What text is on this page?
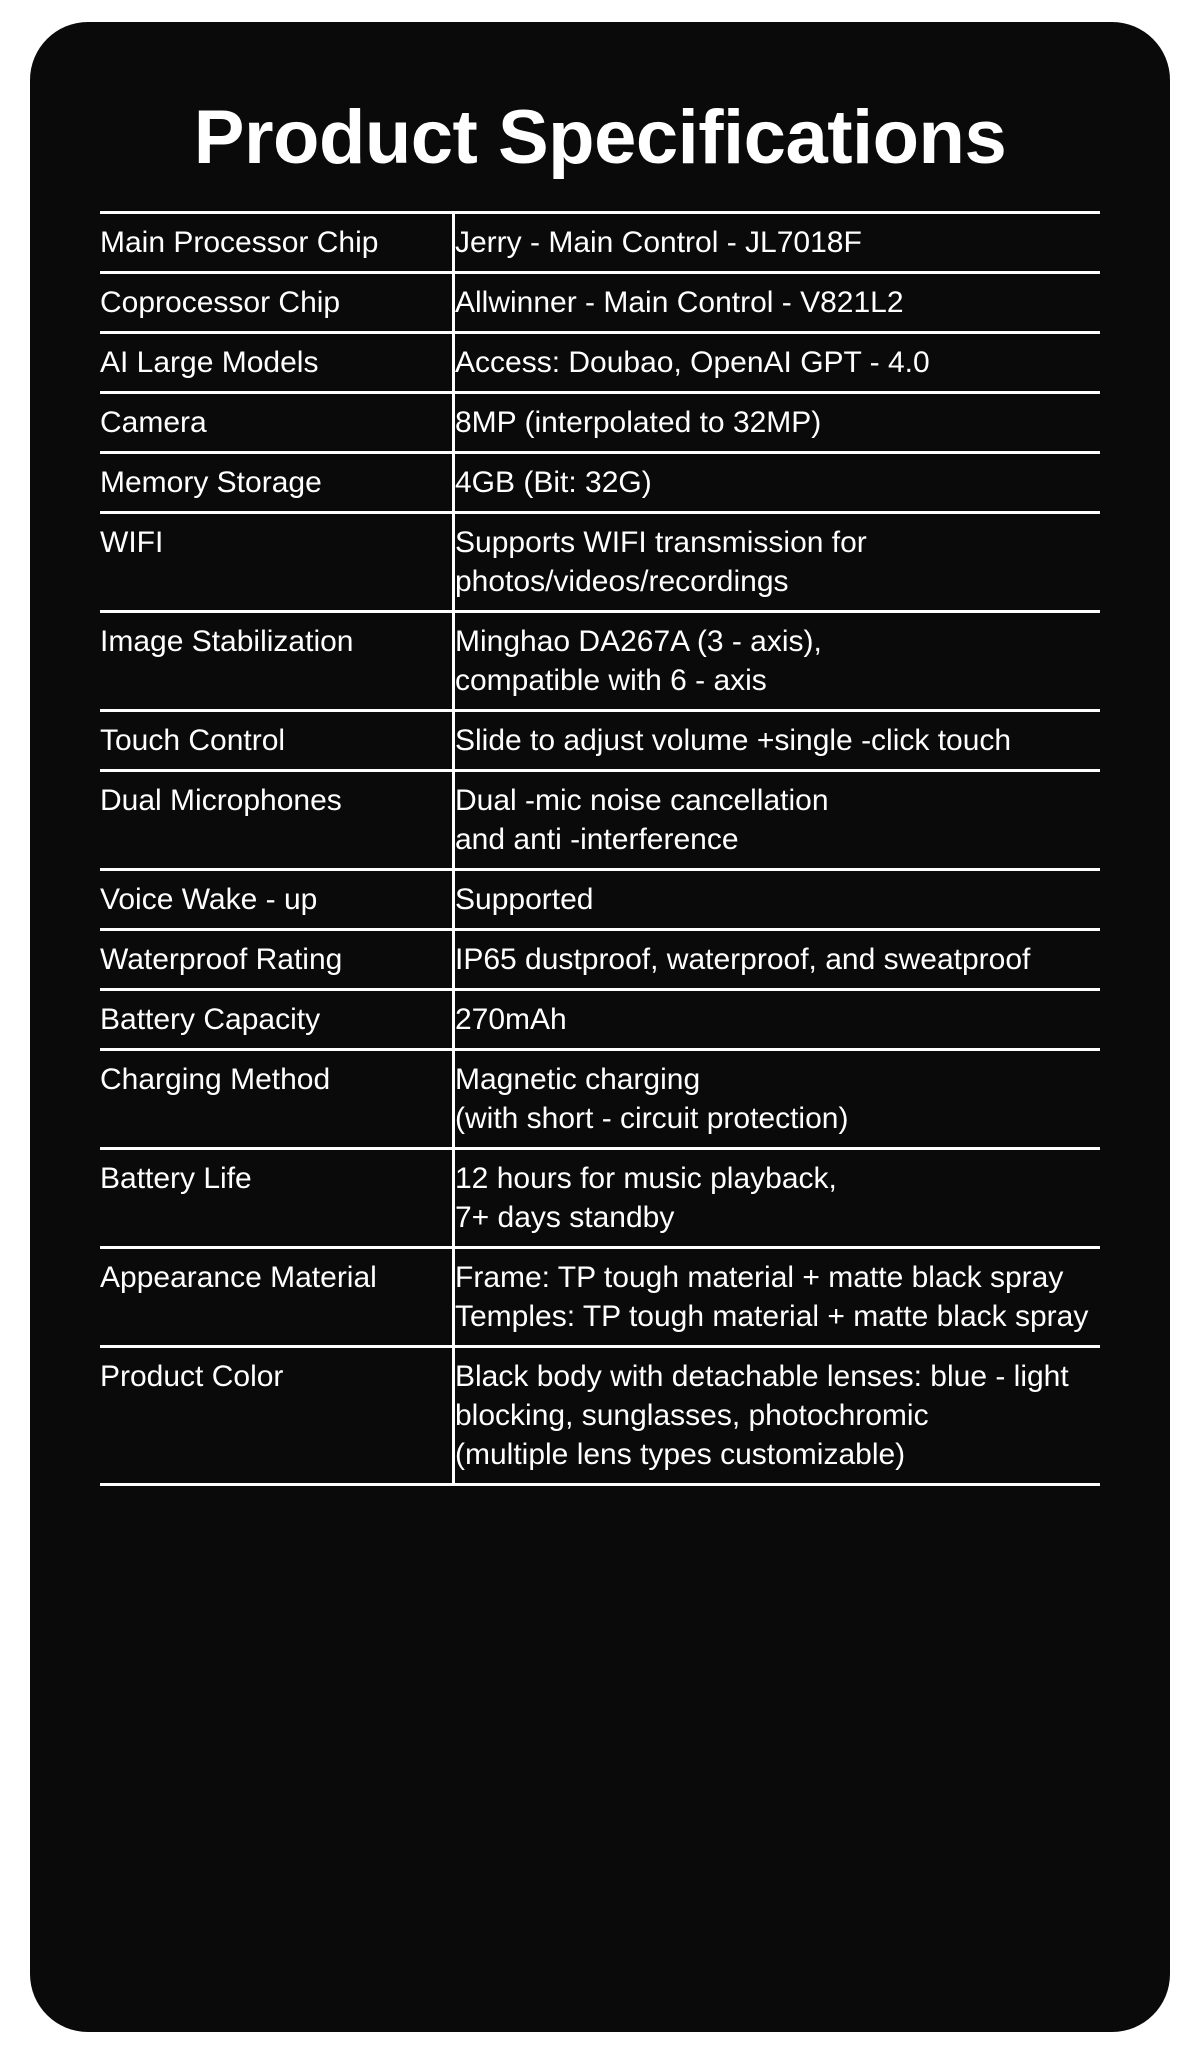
Product Specifications
Main Processor Chip	Jerry - Main Control - JL7018F

Coprocessor Chip	Allwinner - Main Control - V821L2

AI Large Models	Access: Doubao, OpenAI GPT - 4.0

Camera	8MP (interpolated to 32MP)

Memory Storage	4GB (Bit: 32G)

WIFI	Supports WIFI transmission for
photos/videos/recordings

Image Stabilization	Minghao DA267A (3 - axis),
compatible with 6 - axis

Touch Control	Slide to adjust volume +single -click touch

Dual Microphones	Dual -mic noise cancellation
and anti -interference

Voice Wake - up	Supported

Waterproof Rating	IP65 dustproof, waterproof, and sweatproof

Battery Capacity	270mAh

Charging Method	Magnetic charging
(with short - circuit protection)

Battery Life	12 hours for music playback,
7+ days standby

Appearance Material	Frame: TP tough material + matte black spray
Temples: TP tough material + matte black spray

Product Color	Black body with detachable lenses: blue - light
blocking, sunglasses, photochromic
(multiple lens types customizable)
